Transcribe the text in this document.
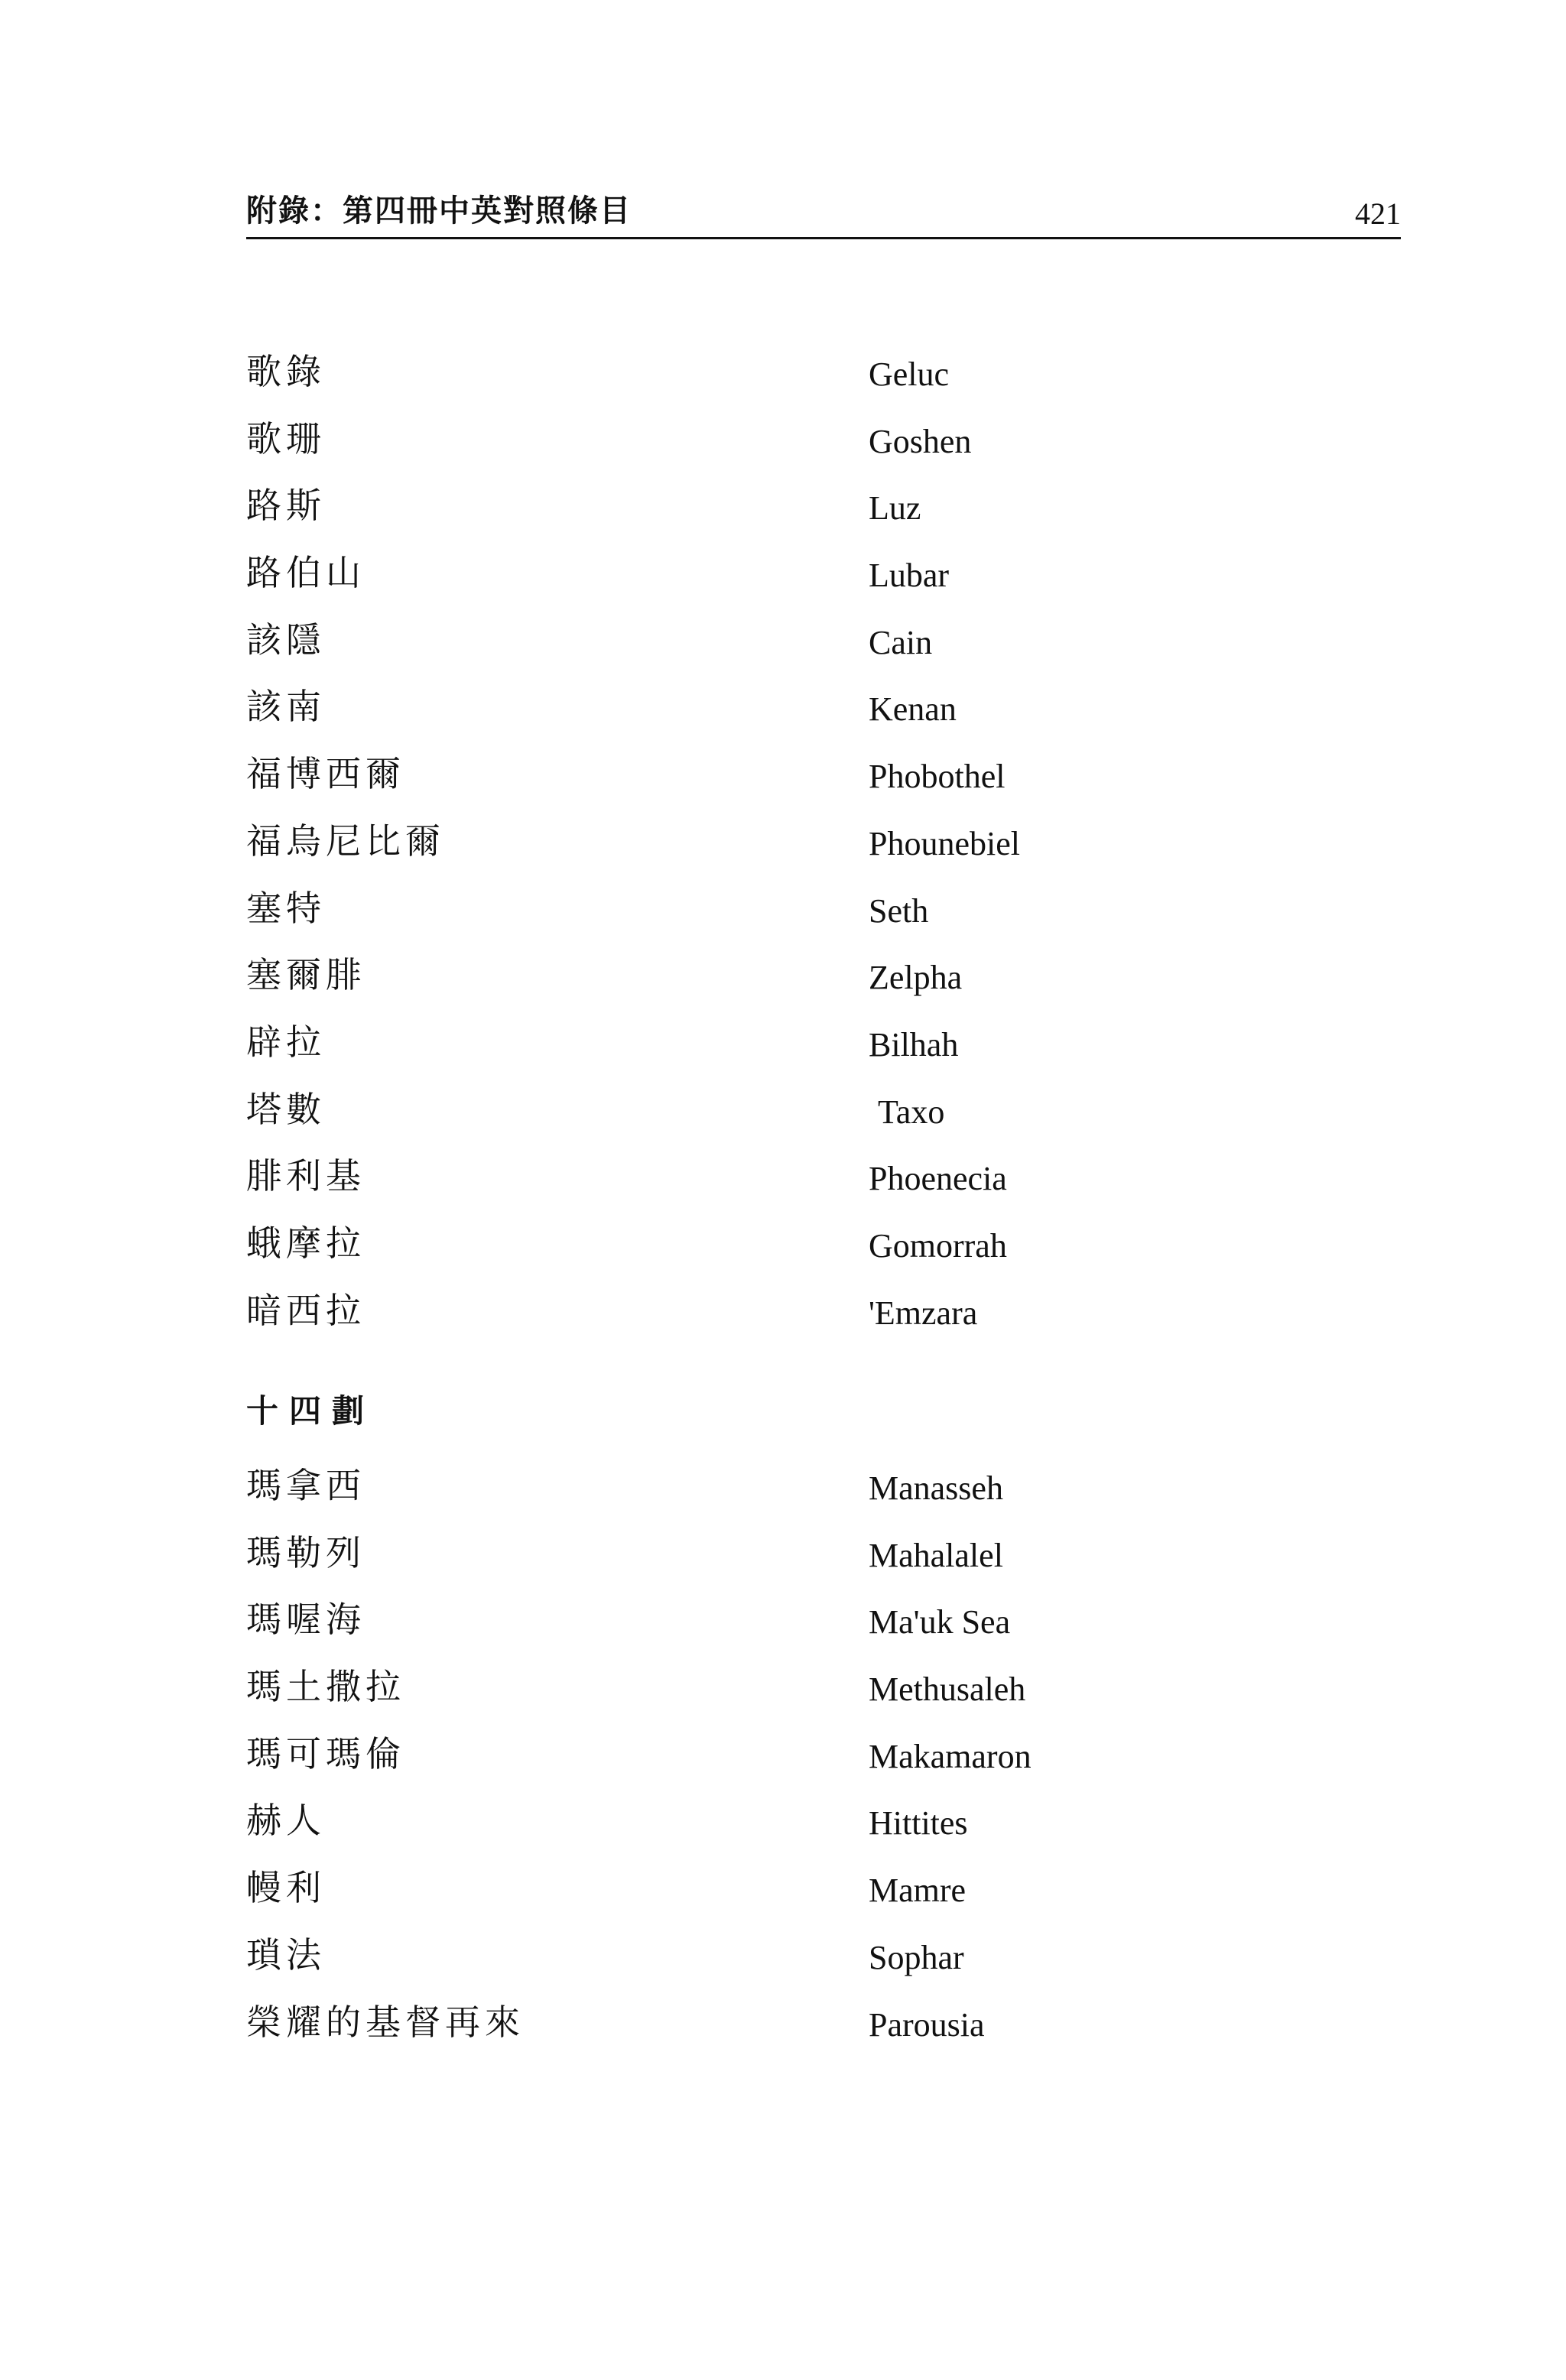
附錄：第四冊中英對照條目	421
歌錄	Geluc
歌珊	Goshen
路斯	Luz
路伯山	Lubar
該隱	Cain
該南	Kenan
福博西爾	Phobothel
福烏尼比爾	Phounebiel
塞特	Seth
塞爾腓	Zelpha
辟拉	Bilhah
塔數	Taxo
腓利基	Phoenecia
蛾摩拉	Gomorrah
暗西拉	'Emzara
十四劃
瑪拿西	Manasseh
瑪勒列	Mahalalel
瑪喔海	Ma'uk Sea
瑪土撒拉	Methusaleh
瑪可瑪倫	Makamaron
赫人	Hittites
幔利	Mamre
瑣法	Sophar
榮耀的基督再來	Parousia
